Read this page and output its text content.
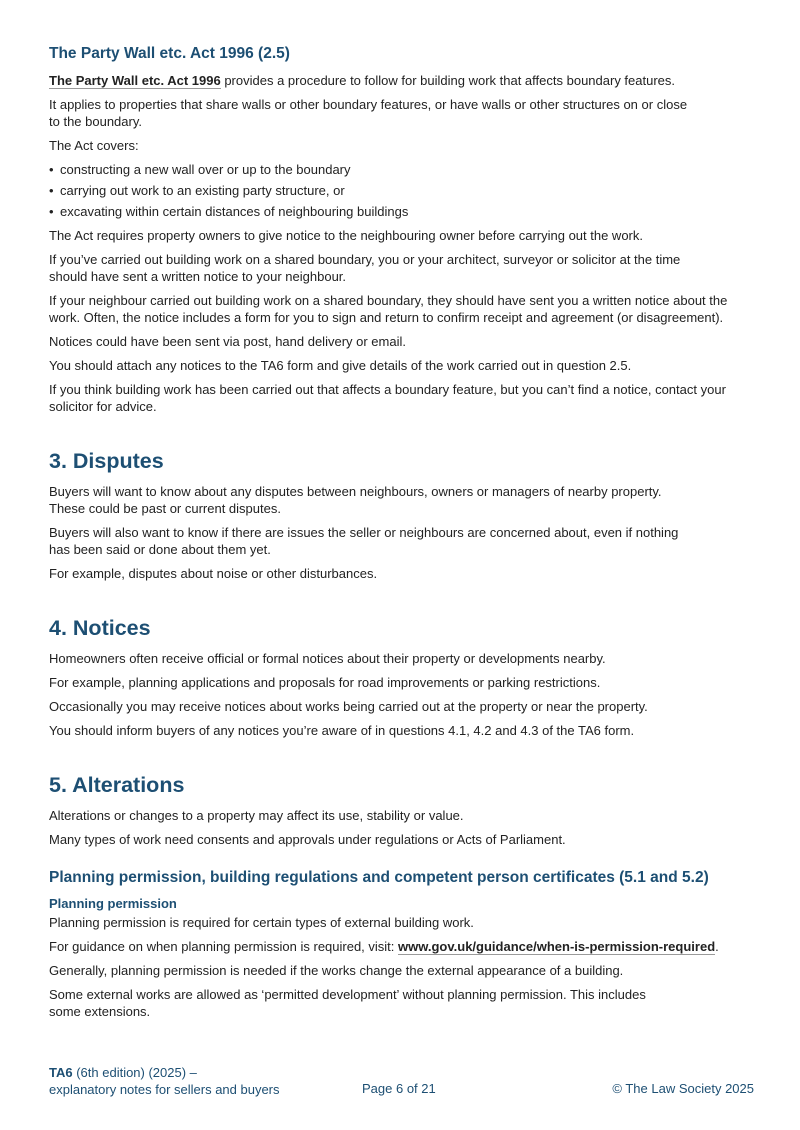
The Party Wall etc. Act 1996 (2.5)

The Party Wall etc. Act 1996 provides a procedure to follow for building work that affects boundary features.

It applies to properties that share walls or other boundary features, or have walls or other structures on or close
to the boundary.

The Act covers:

• constructing a new wall over or up to the boundary
• carrying out work to an existing party structure, or
• excavating within certain distances of neighbouring buildings

The Act requires property owners to give notice to the neighbouring owner before carrying out the work.

If you’ve carried out building work on a shared boundary, you or your architect, surveyor or solicitor at the time
should have sent a written notice to your neighbour.

If your neighbour carried out building work on a shared boundary, they should have sent you a written notice about the
work. Often, the notice includes a form for you to sign and return to confirm receipt and agreement (or disagreement).

Notices could have been sent via post, hand delivery or email.

You should attach any notices to the TA6 form and give details of the work carried out in question 2.5.

If you think building work has been carried out that affects a boundary feature, but you can’t find a notice, contact your
solicitor for advice.

3. Disputes

Buyers will want to know about any disputes between neighbours, owners or managers of nearby property.
These could be past or current disputes.

Buyers will also want to know if there are issues the seller or neighbours are concerned about, even if nothing
has been said or done about them yet.

For example, disputes about noise or other disturbances.

4. Notices

Homeowners often receive official or formal notices about their property or developments nearby.

For example, planning applications and proposals for road improvements or parking restrictions.

Occasionally you may receive notices about works being carried out at the property or near the property.

You should inform buyers of any notices you’re aware of in questions 4.1, 4.2 and 4.3 of the TA6 form.

5. Alterations

Alterations or changes to a property may affect its use, stability or value.

Many types of work need consents and approvals under regulations or Acts of Parliament.

Planning permission, building regulations and competent person certificates (5.1 and 5.2)
Planning permission

Planning permission is required for certain types of external building work.

For guidance on when planning permission is required, visit: www.gov.uk/guidance/when-is-permission-required.

Generally, planning permission is needed if the works change the external appearance of a building.

Some external works are allowed as ‘permitted development’ without planning permission. This includes
some extensions.

TA6 (6th edition) (2025) –
explanatory notes for sellers and buyers	Page 6 of 21	© The Law Society 2025
